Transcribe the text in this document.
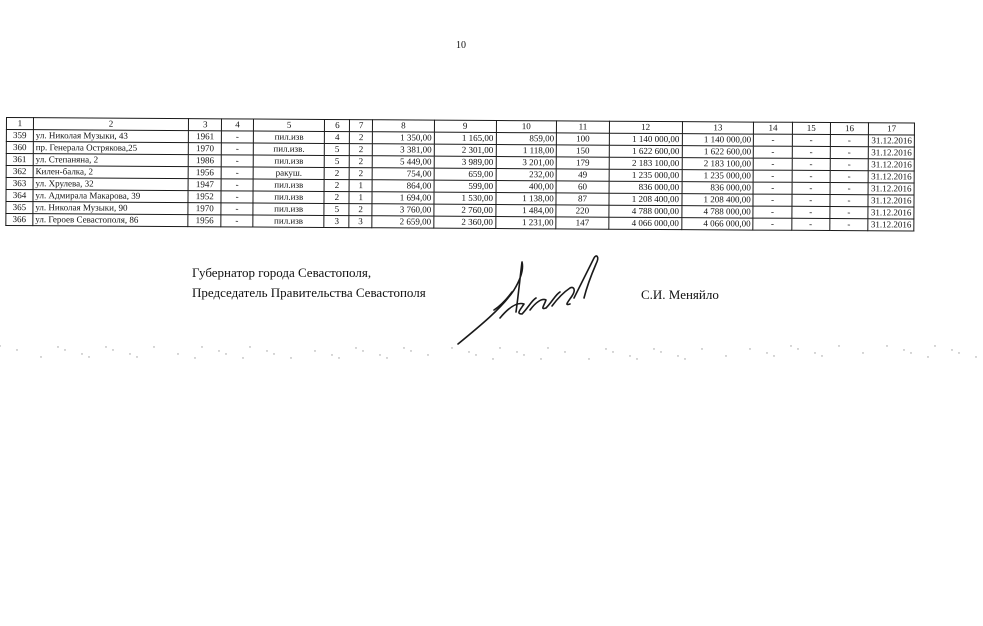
10
1	2	3	4	5	6	7	8	9	10	11	12	13	14	15	16	17
359	ул. Николая Музыки, 43	1961	-	пил.изв	4	2	1 350,00	1 165,00	859,00	100	1 140 000,00	1 140 000,00	-	-	-	31.12.2016
360	пр. Генерала Острякова,25	1970	-	пил.изв.	5	2	3 381,00	2 301,00	1 118,00	150	1 622 600,00	1 622 600,00	-	-	-	31.12.2016
361	ул. Степаняна, 2	1986	-	пил.изв	5	2	5 449,00	3 989,00	3 201,00	179	2 183 100,00	2 183 100,00	-	-	-	31.12.2016
362	Килен-балка, 2	1956	-	ракуш.	2	2	754,00	659,00	232,00	49	1 235 000,00	1 235 000,00	-	-	-	31.12.2016
363	ул. Хрулева, 32	1947	-	пил.изв	2	1	864,00	599,00	400,00	60	836 000,00	836 000,00	-	-	-	31.12.2016
364	ул. Адмирала Макарова, 39	1952	-	пил.изв	2	1	1 694,00	1 530,00	1 138,00	87	1 208 400,00	1 208 400,00	-	-	-	31.12.2016
365	ул. Николая Музыки, 90	1970	-	пил.изв	5	2	3 760,00	2 760,00	1 484,00	220	4 788 000,00	4 788 000,00	-	-	-	31.12.2016
366	ул. Героев Севастополя, 86	1956	-	пил.изв	3	3	2 659,00	2 360,00	1 231,00	147	4 066 000,00	4 066 000,00	-	-	-	31.12.2016
Губернатор города Севастополя,
Председатель Правительства Севастополя	С.И. Меняйло
